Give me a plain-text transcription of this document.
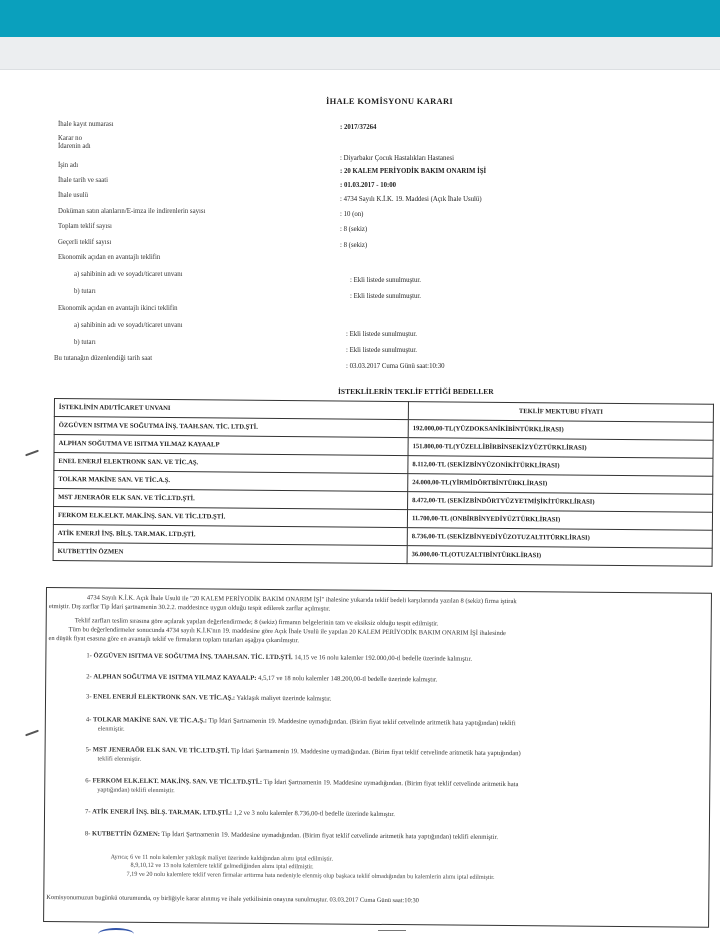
İHALE KOMİSYONU KARARI
İhale kayıt numarası	: 2017/37264
Karar no
İdarenin adı
: Diyarbakır Çocuk Hastalıkları Hastanesi
İşin adı
: 20 KALEM PERİYODİK BAKIM ONARIM İŞİ
İhale tarih ve saati
: 01.03.2017 - 10:00
İhale usulü
: 4734 Sayılı K.İ.K. 19. Maddesi (Açık İhale Usulü)
Doküman satın alanların/E-imza ile indirenlerin sayısı	: 10 (on)
Toplam teklif sayısı	: 8 (sekiz)
Geçerli teklif sayısı	: 8 (sekiz)
Ekonomik açıdan en avantajlı teklifin
a) sahibinin adı ve soyadı/ticaret unvanı
: Ekli listede sunulmuştur.
b) tutarı
: Ekli listede sunulmuştur.
Ekonomik açıdan en avantajlı ikinci teklifin
a) sahibinin adı ve soyadı/ticaret unvanı
: Ekli listede sunulmuştur.
b) tutarı
: Ekli listede sunulmuştur.
Bu tutanağın düzenlendiği tarih saat
: 03.03.2017 Cuma Günü saat:10:30
İSTEKLİLERİN TEKLİF ETTİĞİ BEDELLER
İSTEKLİNİN ADI/TİCARET UNVANI	TEKLİF MEKTUBU FİYATI
ÖZGÜVEN ISITMA VE SOĞUTMA İNŞ. TAAH.SAN. TİC. LTD.ŞTİ.	192.000,00-TL(YÜZDOKSANİKİBİNTÜRKLİRASI)
ALPHAN SOĞUTMA VE ISITMA YILMAZ KAYAALP	151.800,00-TL(YÜZELLİBİRBİNSEKİZYÜZTÜRKLİRASI)
ENEL ENERJİ ELEKTRONK SAN. VE TİC.AŞ.	8.112,00-TL (SEKİZBİNYÜZONİKİTÜRKLİRASI)
TOLKAR MAKİNE SAN. VE TİC.A.Ş.	24.000,00-TL(YİRMİDÖRTBİNTÜRKLİRASI)
MST JENERAÖR ELK SAN. VE TİC.LTD.ŞTİ.	8.472,00-TL (SEKİZBİNDÖRTYÜZYETMİŞİKİTÜRKLİRASI)
FERKOM ELK.ELKT. MAK.İNŞ. SAN. VE TİC.LTD.ŞTİ.	11.700,00-TL (ONBİRBİNYEDİYÜZTÜRKLİRASI)
ATİK ENERJİ İNŞ. BİLŞ. TAR.MAK. LTD.ŞTİ.	8.736,00-TL (SEKİZBİNYEDİYÜZOTUZALTITÜRKLİRASI)
KUTBETTİN ÖZMEN	36.000,00-TL(OTUZALTIBİNTÜRKLİRASI)
4734 Sayılı K.İ.K. Açık İhale Usulü ile "20 KALEM PERİYODİK BAKIM ONARIM İŞİ" ihalesine yukarıda teklif bedeli karşılarında yazılan 8 (sekiz) firma iştirak
etmiştir. Dış zarflar Tip İdari şartnamenin 30.2.2. maddesince uygun olduğu tespit edilerek zarflar açılmıştır.
Teklif zarfları teslim sırasına göre açılarak yapılan değerlendirmede; 8 (sekiz) firmanın belgelerinin tam ve eksiksiz olduğu tespit edilmiştir.
Tüm bu değerlendirmeler sonucunda 4734 sayılı K.İ.K'nın 19. maddesine göre Açık İhale Usulü ile yapılan 20 KALEM PERİYODİK BAKIM ONARIM İŞİ ihalesinde
en düşük fiyat esasına göre en avantajlı teklif ve firmaların toplam tutarları aşağıya çıkarılmıştır.
1- ÖZGÜVEN ISITMA VE SOĞUTMA İNŞ. TAAH.SAN. TİC. LTD.ŞTİ. 14,15 ve 16 nolu kalemler 192.000,00-tl bedelle üzerinde kalmıştır.
2- ALPHAN SOĞUTMA VE ISITMA YILMAZ KAYAALP: 4,5,17 ve 18 nolu kalemler 148.200,00-tl bedelle üzerinde kalmıştır.
3- ENEL ENERJİ ELEKTRONK SAN. VE TİC.AŞ.: Yaklaşık maliyet üzerinde kalmıştır.
4- TOLKAR MAKİNE SAN. VE TİC.A.Ş.: Tip İdari Şartnamenin 19. Maddesine uymadığından. (Birim fiyat teklif cetvelinde aritmetik hata yaptığından) teklifi
elenmiştir.
5- MST JENERAÖR ELK SAN. VE TİC.LTD.ŞTİ. Tip İdari Şartnamenin 19. Maddesine uymadığından. (Birim fiyat teklif cetvelinde aritmetik hata yaptığından)
teklifi elenmiştir.
6- FERKOM ELK.ELKT. MAK.İNŞ. SAN. VE TİC.LTD.ŞTİ.: Tip İdari Şartnamenin 19. Maddesine uymadığından. (Birim fiyat teklif cetvelinde aritmetik hata
yaptığından) teklifi elenmiştir.
7- ATİK ENERJİ İNŞ. BİLŞ. TAR.MAK. LTD.ŞTİ.: 1,2 ve 3 nolu kalemler 8.736,00-tl bedelle üzerinde kalmıştır.
8- KUTBETTİN ÖZMEN: Tip İdari Şartnamenin 19. Maddesine uymadığından. (Birim fiyat teklif cetvelinde aritmetik hata yaptığından) teklifi elenmiştir.
Ayrıca; 6 ve 11 nolu kalemler yaklaşık maliyet üzerinde kaldığından alımı iptal edilmiştir.
8,9,10,12 ve 13 nolu kalemlere teklif gelmediğinden alımı iptal edilmiştir.
7,19 ve 20 nolu kalemlere teklif veren firmalar arttırma hata nedeniyle elenmiş olup başkaca teklif olmadığından bu kalemlerin alımı iptal edilmiştir.
Komisyonumuzun bugünkü oturumunda, oy birliğiyle karar alınmış ve ihale yetkilisinin onayına sunulmuştur. 03.03.2017 Cuma Günü saat:10:30
